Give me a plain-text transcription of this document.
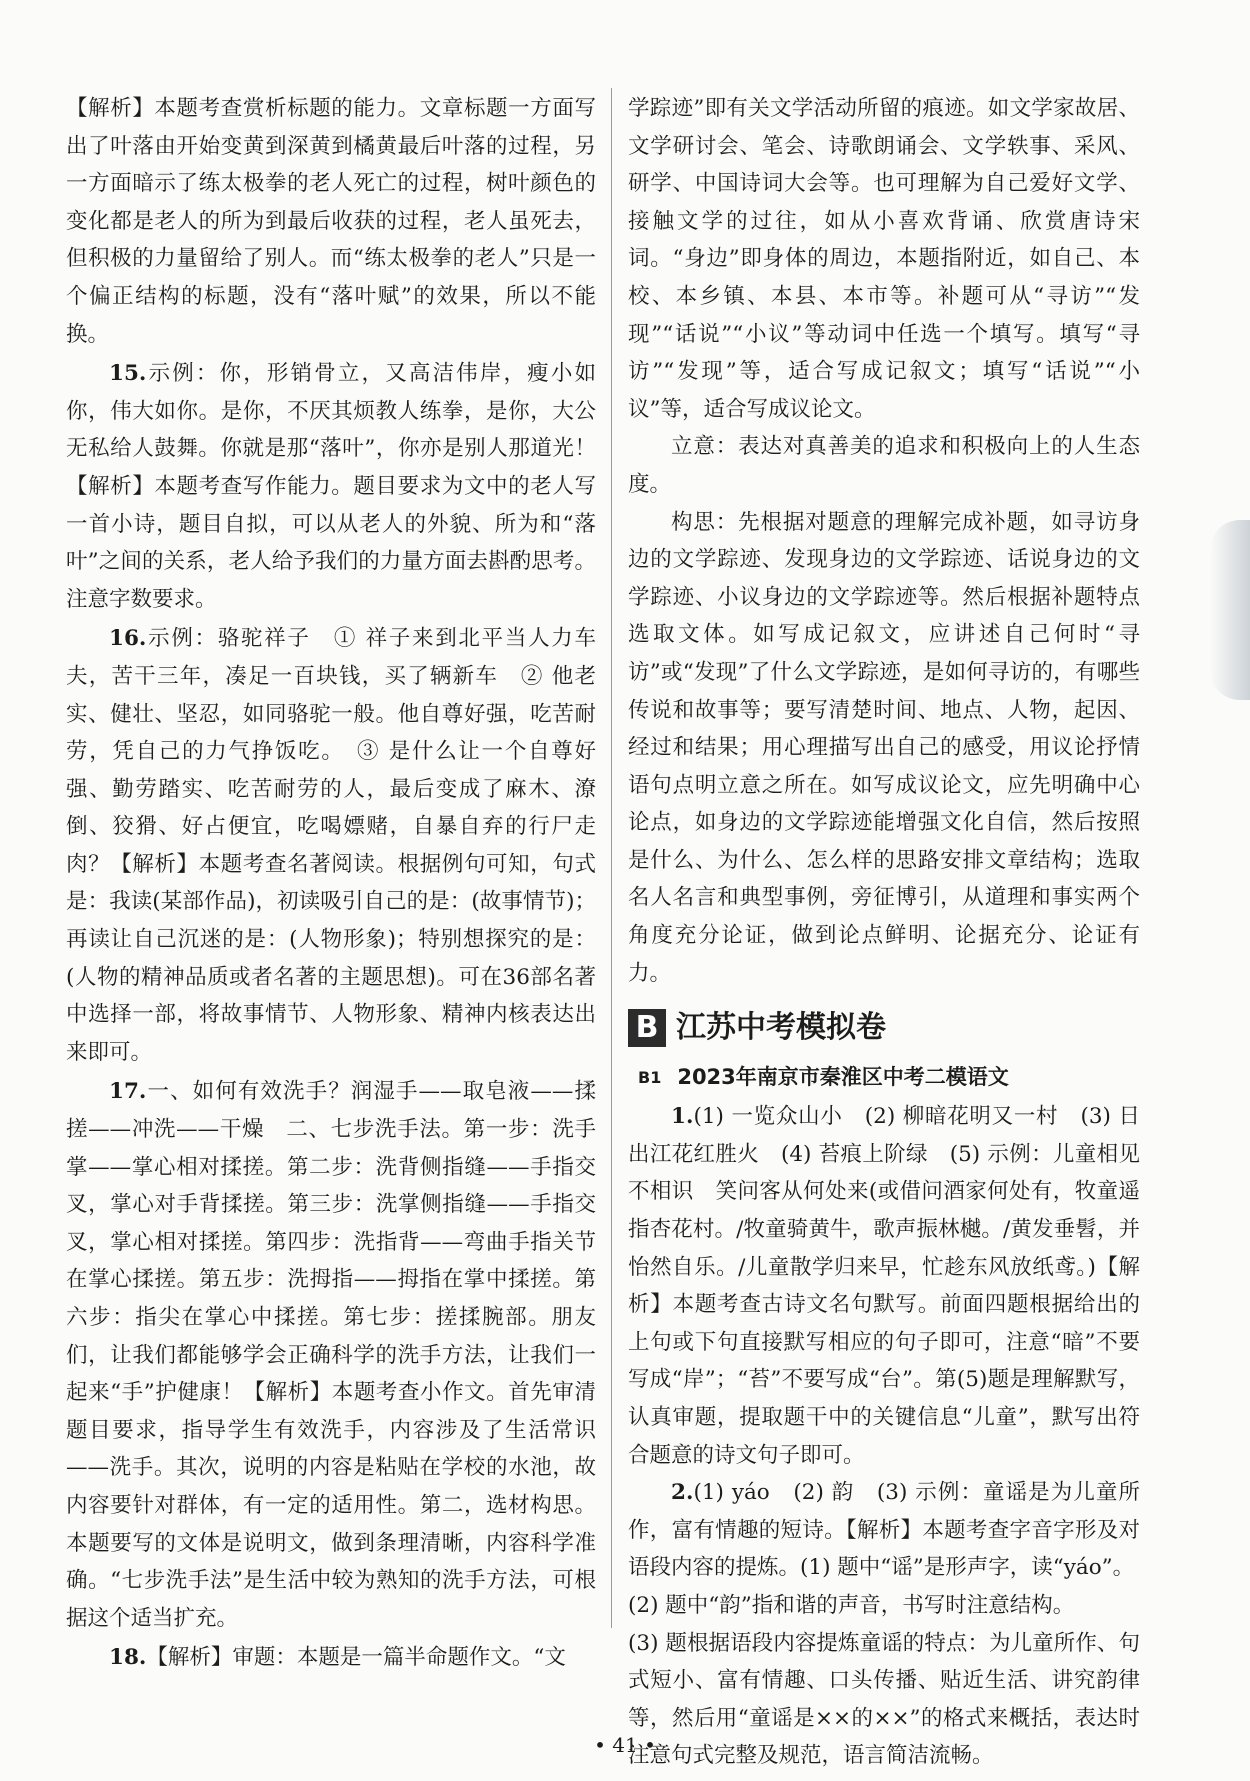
【解析】本题考查赏析标题的能力。文章标题一方面写出了叶落由开始变黄到深黄到橘黄最后叶落的过程，另一方面暗示了练太极拳的老人死亡的过程，树叶颜色的变化都是老人的所为到最后收获的过程，老人虽死去，但积极的力量留给了别人。而“练太极拳的老人”只是一个偏正结构的标题，没有“落叶赋”的效果，所以不能换。

15.示例：你，形销骨立，又高洁伟岸，瘦小如你，伟大如你。是你，不厌其烦教人练拳，是你，大公无私给人鼓舞。你就是那“落叶”，你亦是别人那道光！【解析】本题考查写作能力。题目要求为文中的老人写一首小诗，题目自拟，可以从老人的外貌、所为和“落叶”之间的关系，老人给予我们的力量方面去斟酌思考。注意字数要求。

16.示例：骆驼祥子　① 祥子来到北平当人力车夫，苦干三年，凑足一百块钱，买了辆新车　② 他老实、健壮、坚忍，如同骆驼一般。他自尊好强，吃苦耐劳，凭自己的力气挣饭吃。　③ 是什么让一个自尊好强、勤劳踏实、吃苦耐劳的人，最后变成了麻木、潦倒、狡猾、好占便宜，吃喝嫖赌，自暴自弃的行尸走肉？【解析】本题考查名著阅读。根据例句可知，句式是：我读(某部作品)，初读吸引自己的是：(故事情节)；再读让自己沉迷的是：(人物形象)；特别想探究的是：(人物的精神品质或者名著的主题思想)。可在36部名著中选择一部，将故事情节、人物形象、精神内核表达出来即可。

17.一、如何有效洗手？润湿手——取皂液——揉搓——冲洗——干燥　二、七步洗手法。第一步：洗手掌——掌心相对揉搓。第二步：洗背侧指缝——手指交叉，掌心对手背揉搓。第三步：洗掌侧指缝——手指交叉，掌心相对揉搓。第四步：洗指背——弯曲手指关节在掌心揉搓。第五步：洗拇指——拇指在掌中揉搓。第六步：指尖在掌心中揉搓。第七步：搓揉腕部。朋友们，让我们都能够学会正确科学的洗手方法，让我们一起来“手”护健康！【解析】本题考查小作文。首先审清题目要求，指导学生有效洗手，内容涉及了生活常识——洗手。其次，说明的内容是粘贴在学校的水池，故内容要针对群体，有一定的适用性。第二，选材构思。本题要写的文体是说明文，做到条理清晰，内容科学准确。“七步洗手法”是生活中较为熟知的洗手方法，可根据这个适当扩充。

18.【解析】审题：本题是一篇半命题作文。“文

学踪迹”即有关文学活动所留的痕迹。如文学家故居、文学研讨会、笔会、诗歌朗诵会、文学轶事、采风、研学、中国诗词大会等。也可理解为自己爱好文学、接触文学的过往，如从小喜欢背诵、欣赏唐诗宋词。“身边”即身体的周边，本题指附近，如自己、本校、本乡镇、本县、本市等。补题可从“寻访”“发现”“话说”“小议”等动词中任选一个填写。填写“寻访”“发现”等，适合写成记叙文；填写“话说”“小议”等，适合写成议论文。

立意：表达对真善美的追求和积极向上的人生态度。

构思：先根据对题意的理解完成补题，如寻访身边的文学踪迹、发现身边的文学踪迹、话说身边的文学踪迹、小议身边的文学踪迹等。然后根据补题特点选取文体。如写成记叙文，应讲述自己何时“寻访”或“发现”了什么文学踪迹，是如何寻访的，有哪些传说和故事等；要写清楚时间、地点、人物，起因、经过和结果；用心理描写出自己的感受，用议论抒情语句点明立意之所在。如写成议论文，应先明确中心论点，如身边的文学踪迹能增强文化自信，然后按照是什么、为什么、怎么样的思路安排文章结构；选取名人名言和典型事例，旁征博引，从道理和事实两个角度充分论证，做到论点鲜明、论据充分、论证有力。

B 江苏中考模拟卷
B1 2023年南京市秦淮区中考二模语文

1.(1) 一览众山小　(2) 柳暗花明又一村　(3) 日出江花红胜火　(4) 苔痕上阶绿　(5) 示例：儿童相见不相识　笑问客从何处来(或借问酒家何处有，牧童遥指杏花村。/牧童骑黄牛，歌声振林樾。/黄发垂髫，并怡然自乐。/儿童散学归来早，忙趁东风放纸鸢。)【解析】本题考查古诗文名句默写。前面四题根据给出的上句或下句直接默写相应的句子即可，注意“暗”不要写成“岸”；“苔”不要写成“台”。第(5)题是理解默写，认真审题，提取题干中的关键信息“儿童”，默写出符合题意的诗文句子即可。

2.(1) yáo　(2) 韵　(3) 示例：童谣是为儿童所作，富有情趣的短诗。【解析】本题考查字音字形及对语段内容的提炼。(1) 题中“谣”是形声字，读“yáo”。

(2) 题中“韵”指和谐的声音，书写时注意结构。

(3) 题根据语段内容提炼童谣的特点：为儿童所作、句式短小、富有情趣、口头传播、贴近生活、讲究韵律等，然后用“童谣是××的××”的格式来概括，表达时注意句式完整及规范，语言简洁流畅。

• 41 •
